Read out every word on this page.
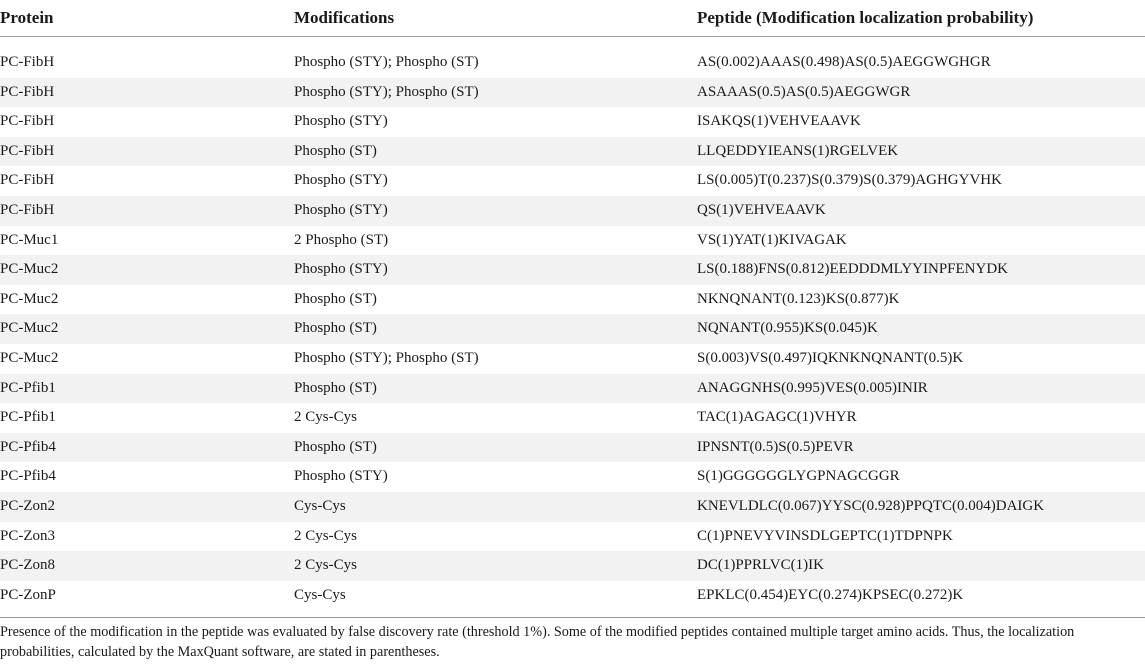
Protein	Modifications	Peptide (Modification localization probability)
PC-FibH	Phospho (STY); Phospho (ST)	AS(0.002)AAAS(0.498)AS(0.5)AEGGWGHGR
PC-FibH	Phospho (STY); Phospho (ST)	ASAAAS(0.5)AS(0.5)AEGGWGR
PC-FibH	Phospho (STY)	ISAKQS(1)VEHVEAAVK
PC-FibH	Phospho (ST)	LLQEDDYIEANS(1)RGELVEK
PC-FibH	Phospho (STY)	LS(0.005)T(0.237)S(0.379)S(0.379)AGHGYVHK
PC-FibH	Phospho (STY)	QS(1)VEHVEAAVK
PC-Muc1	2 Phospho (ST)	VS(1)YAT(1)KIVAGAK
PC-Muc2	Phospho (STY)	LS(0.188)FNS(0.812)EEDDDMLYYINPFENYDK
PC-Muc2	Phospho (ST)	NKNQNANT(0.123)KS(0.877)K
PC-Muc2	Phospho (ST)	NQNANT(0.955)KS(0.045)K
PC-Muc2	Phospho (STY); Phospho (ST)	S(0.003)VS(0.497)IQKNKNQNANT(0.5)K
PC-Pfib1	Phospho (ST)	ANAGGNHS(0.995)VES(0.005)INIR
PC-Pfib1	2 Cys-Cys	TAC(1)AGAGC(1)VHYR
PC-Pfib4	Phospho (ST)	IPNSNT(0.5)S(0.5)PEVR
PC-Pfib4	Phospho (STY)	S(1)GGGGGGLYGPNAGCGGR
PC-Zon2	Cys-Cys	KNEVLDLC(0.067)YYSC(0.928)PPQTC(0.004)DAIGK
PC-Zon3	2 Cys-Cys	C(1)PNEVYVINSDLGEPTC(1)TDPNPK
PC-Zon8	2 Cys-Cys	DC(1)PPRLVC(1)IK
PC-ZonP	Cys-Cys	EPKLC(0.454)EYC(0.274)KPSEC(0.272)K
Presence of the modification in the peptide was evaluated by false discovery rate (threshold 1%). Some of the modified peptides contained multiple target amino acids. Thus, the localization probabilities, calculated by the MaxQuant software, are stated in parentheses.
